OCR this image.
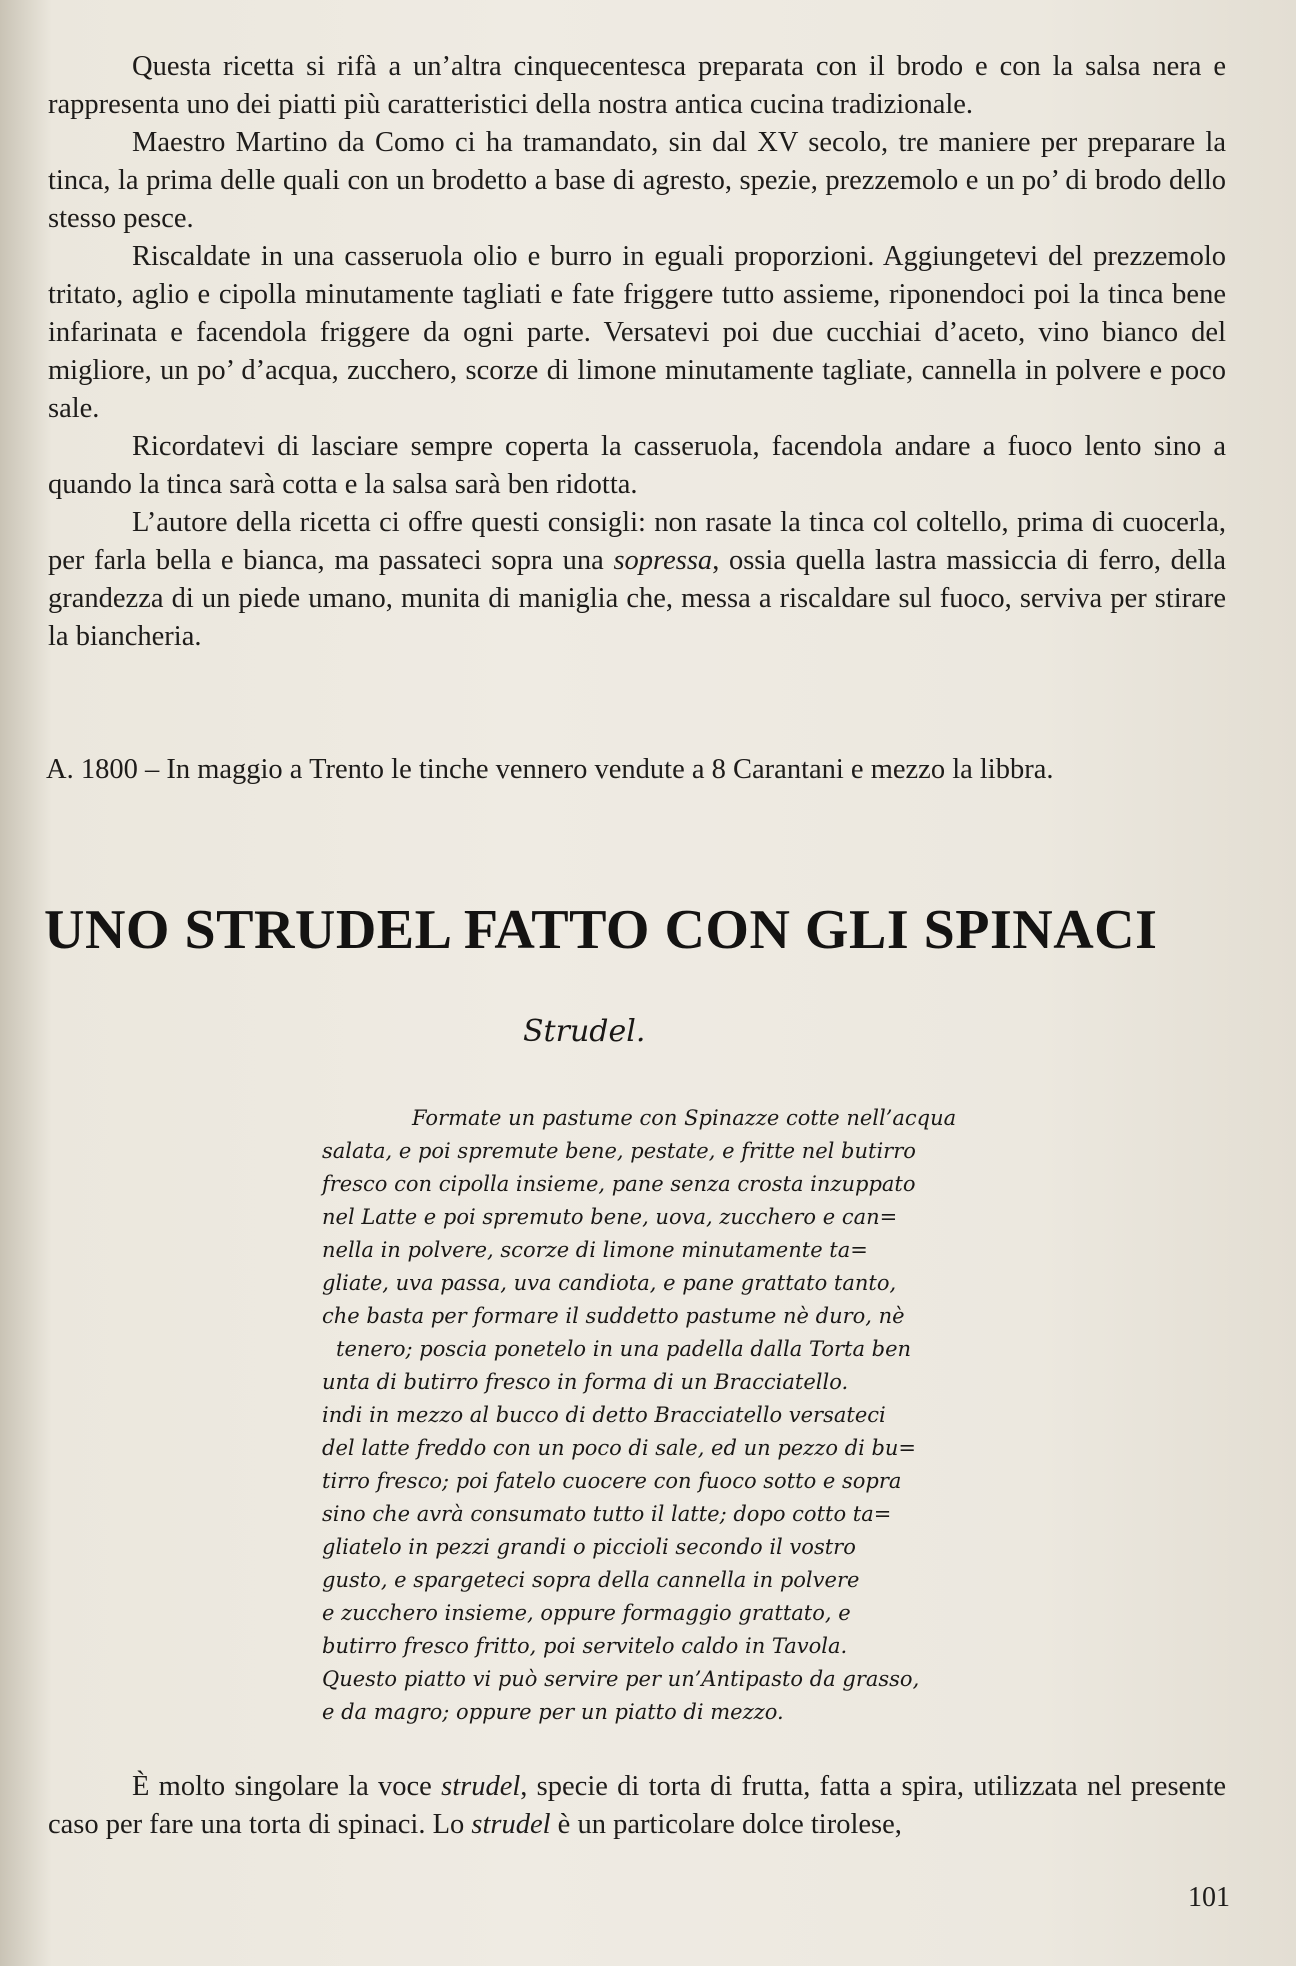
Questa ricetta si rifà a un’altra cinquecentesca preparata con il brodo e con la salsa nera e rappresenta uno dei piatti più caratteristici della nostra antica cucina tradizionale.

Maestro Martino da Como ci ha tramandato, sin dal XV secolo, tre maniere per preparare la tinca, la prima delle quali con un brodetto a base di agresto, spezie, prezzemolo e un po’ di brodo dello stesso pesce.

Riscaldate in una casseruola olio e burro in eguali proporzioni. Aggiungetevi del prezzemolo tritato, aglio e cipolla minutamente tagliati e fate friggere tutto assieme, riponendoci poi la tinca bene infarinata e facendola friggere da ogni parte. Versatevi poi due cucchiai d’aceto, vino bianco del migliore, un po’ d’acqua, zucchero, scorze di limone minutamente tagliate, cannella in polvere e poco sale.

Ricordatevi di lasciare sempre coperta la casseruola, facendola andare a fuoco lento sino a quando la tinca sarà cotta e la salsa sarà ben ridotta.

L’autore della ricetta ci offre questi consigli: non rasate la tinca col coltello, prima di cuocerla, per farla bella e bianca, ma passateci sopra una sopressa, ossia quella lastra massiccia di ferro, della grandezza di un piede umano, munita di maniglia che, messa a riscaldare sul fuoco, serviva per stirare la biancheria.

A. 1800 – In maggio a Trento le tinche vennero vendute a 8 Carantani e mezzo la libbra.
UNO STRUDEL FATTO CON GLI SPINACI
Strudel.
Formate un pastume con Spinazze cotte nell’acqua
salata, e poi spremute bene, pestate, e fritte nel butirro
fresco con cipolla insieme, pane senza crosta inzuppato
nel Latte e poi spremuto bene, uova, zucchero e can=
nella in polvere, scorze di limone minutamente ta=
gliate, uva passa, uva candiota, e pane grattato tanto,
che basta per formare il suddetto pastume nè duro, nè
tenero; poscia ponetelo in una padella dalla Torta ben
unta di butirro fresco in forma di un Bracciatello.
indi in mezzo al bucco di detto Bracciatello versateci
del latte freddo con un poco di sale, ed un pezzo di bu=
tirro fresco; poi fatelo cuocere con fuoco sotto e sopra
sino che avrà consumato tutto il latte; dopo cotto ta=
gliatelo in pezzi grandi o piccioli secondo il vostro
gusto, e spargeteci sopra della cannella in polvere
e zucchero insieme, oppure formaggio grattato, e
butirro fresco fritto, poi servitelo caldo in Tavola.
Questo piatto vi può servire per un’Antipasto da grasso,
e da magro; oppure per un piatto di mezzo.

È molto singolare la voce strudel, specie di torta di frutta, fatta a spira, utilizzata nel presente caso per fare una torta di spinaci. Lo strudel è un particolare dolce tirolese,

101
